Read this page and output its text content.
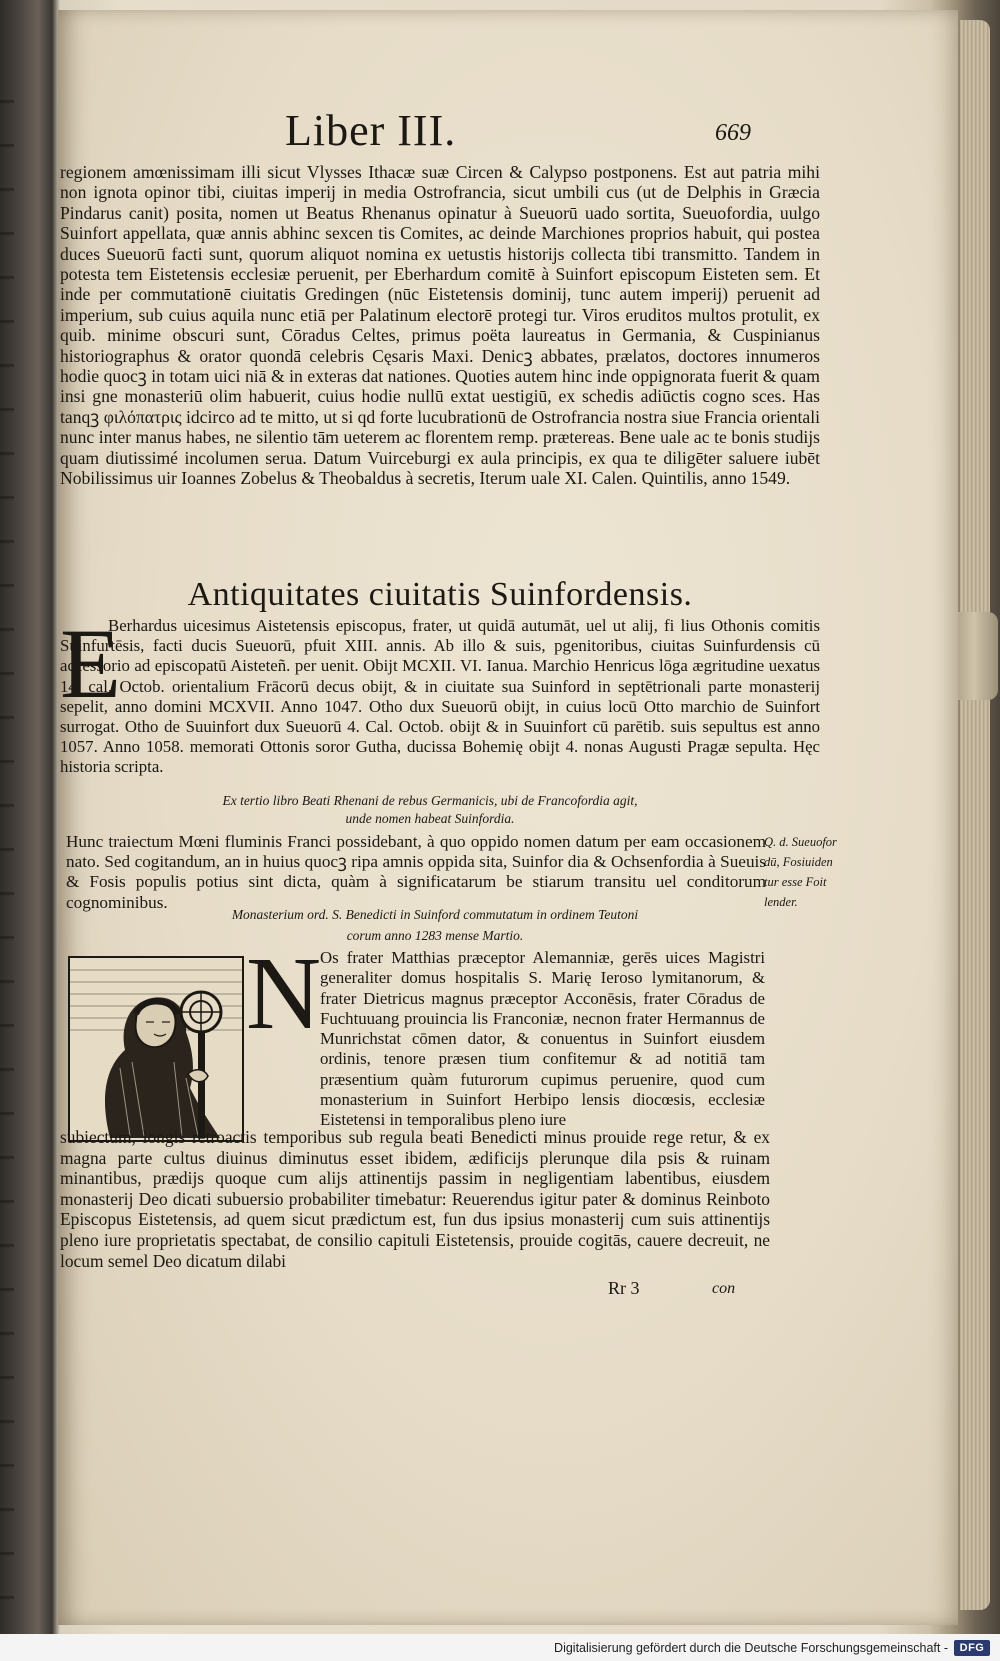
Liber III.	669
regionem amœnissimam illi sicut Vlysses Ithacæ suæ Circen & Calypso postponens. Est aut patria mihi non ignota opinor tibi, ciuitas imperij in media Ostrofrancia, sicut umbili cus (ut de Delphis in Græcia Pindarus canit) posita, nomen ut Beatus Rhenanus opinatur à Sueuorū uado sortita, Sueuofordia, uulgo Suinfort appellata, quæ annis abhinc sexcen tis Comites, ac deinde Marchiones proprios habuit, qui postea duces Sueuorū facti sunt, quorum aliquot nomina ex uetustis historijs collecta tibi transmitto. Tandem in potesta tem Eistetensis ecclesiæ peruenit, per Eberhardum comitē à Suinfort episcopum Eisteten sem. Et inde per commutationē ciuitatis Gredingen (nūc Eistetensis dominij, tunc autem imperij) peruenit ad imperium, sub cuius aquila nunc etiā per Palatinum electorē protegi tur. Viros eruditos multos protulit, ex quib. minime obscuri sunt, Cōradus Celtes, primus poëta laureatus in Germania, & Cuspinianus historiographus & orator quondā celebris Cęsaris Maxi. Denicꝫ abbates, prælatos, doctores innumeros hodie quocꝫ in totam uici niā & in exteras dat nationes. Quoties autem hinc inde oppignorata fuerit & quam insi gne monasteriū olim habuerit, cuius hodie nullū extat uestigiū, ex schedis adiūctis cogno sces. Has tanqꝫ φιλόπατρις idcirco ad te mitto, ut si qd forte lucubrationū de Ostrofrancia nostra siue Francia orientali nunc inter manus habes, ne silentio tām ueterem ac florentem remp. prætereas. Bene uale ac te bonis studijs quam diutissimé incolumen serua. Datum Vuirceburgi ex aula principis, ex qua te diligēter saluere iubēt Nobilissimus uir Ioannes Zobelus & Theobaldus à secretis, Iterum uale XI. Calen. Quintilis, anno 1549.
Antiquitates ciuitatis Suinfordensis.
E
Berhardus uicesimus Aistetensis episcopus, frater, ut quidā autumāt, uel ut alij, fi lius Othonis comitis Suinfurtēsis, facti ducis Sueuorū, pfuit XIII. annis. Ab illo & suis, pgenitoribus, ciuitas Suinfurdensis cū accessorio ad episcopatū Aisteteñ. per uenit. Obijt MCXII. VI. Ianua. Marchio Henricus lōga ægritudine uexatus 14. cal. Octob. orientalium Frācorū decus obijt, & in ciuitate sua Suinford in septētrionali parte monasterij sepelit, anno domini MCXVII. Anno 1047. Otho dux Sueuorū obijt, in cuius locū Otto marchio de Suinfort surrogat. Otho de Suuinfort dux Sueuorū 4. Cal. Octob. obijt & in Suuinfort cū parētib. suis sepultus est anno 1057. Anno 1058. memorati Ottonis soror Gutha, ducissa Bohemię obijt 4. nonas Augusti Pragæ sepulta. Hęc historia scripta.
Ex tertio libro Beati Rhenani de rebus Germanicis, ubi de Francofordia agit,
unde nomen habeat Suinfordia.
Hunc traiectum Mœni fluminis Franci possidebant, à quo oppido nomen datum per eam occasionem nato. Sed cogitandum, an in huius quocꝫ ripa amnis oppida sita, Suinfor dia & Ochsenfordia à Sueuis & Fosis populis potius sint dicta, quàm à significatarum be stiarum transitu uel conditorum cognominibus.
Q. d. Sueuofor dū, Fosiuiden tur esse Foit lender.
Monasterium ord. S. Benedicti in Suinford commutatum in ordinem Teutoni
corum anno 1283 mense Martio.
N
Os frater Matthias præceptor Alemanniæ, gerēs uices Magistri generaliter domus hospitalis S. Marię Ieroso lymitanorum, & frater Dietricus magnus præceptor Acconēsis, frater Cōradus de Fuchtuuang prouincia lis Franconiæ, necnon frater Hermannus de Munrichstat cōmen dator, & conuentus in Suinfort eiusdem ordinis, tenore præsen tium confitemur & ad notitiā tam præsentium quàm futurorum cupimus peruenire, quod cum monasterium in Suinfort Herbipo lensis diocœsis, ecclesiæ Eistetensi in temporalibus pleno iure
subiectum, longis retroactis temporibus sub regula beati Benedicti minus prouide rege retur, & ex magna parte cultus diuinus diminutus esset ibidem, ædificijs plerunque dila psis & ruinam minantibus, prædijs quoque cum alijs attinentijs passim in negligentiam labentibus, eiusdem monasterij Deo dicati subuersio probabiliter timebatur: Reuerendus igitur pater & dominus Reinboto Episcopus Eistetensis, ad quem sicut prædictum est, fun dus ipsius monasterij cum suis attinentijs pleno iure proprietatis spectabat, de consilio capituli Eistetensis, prouide cogitās, cauere decreuit, ne locum semel Deo dicatum dilabi
Rr 3	con
Digitalisierung gefördert durch die Deutsche Forschungsgemeinschaft -	DFG
